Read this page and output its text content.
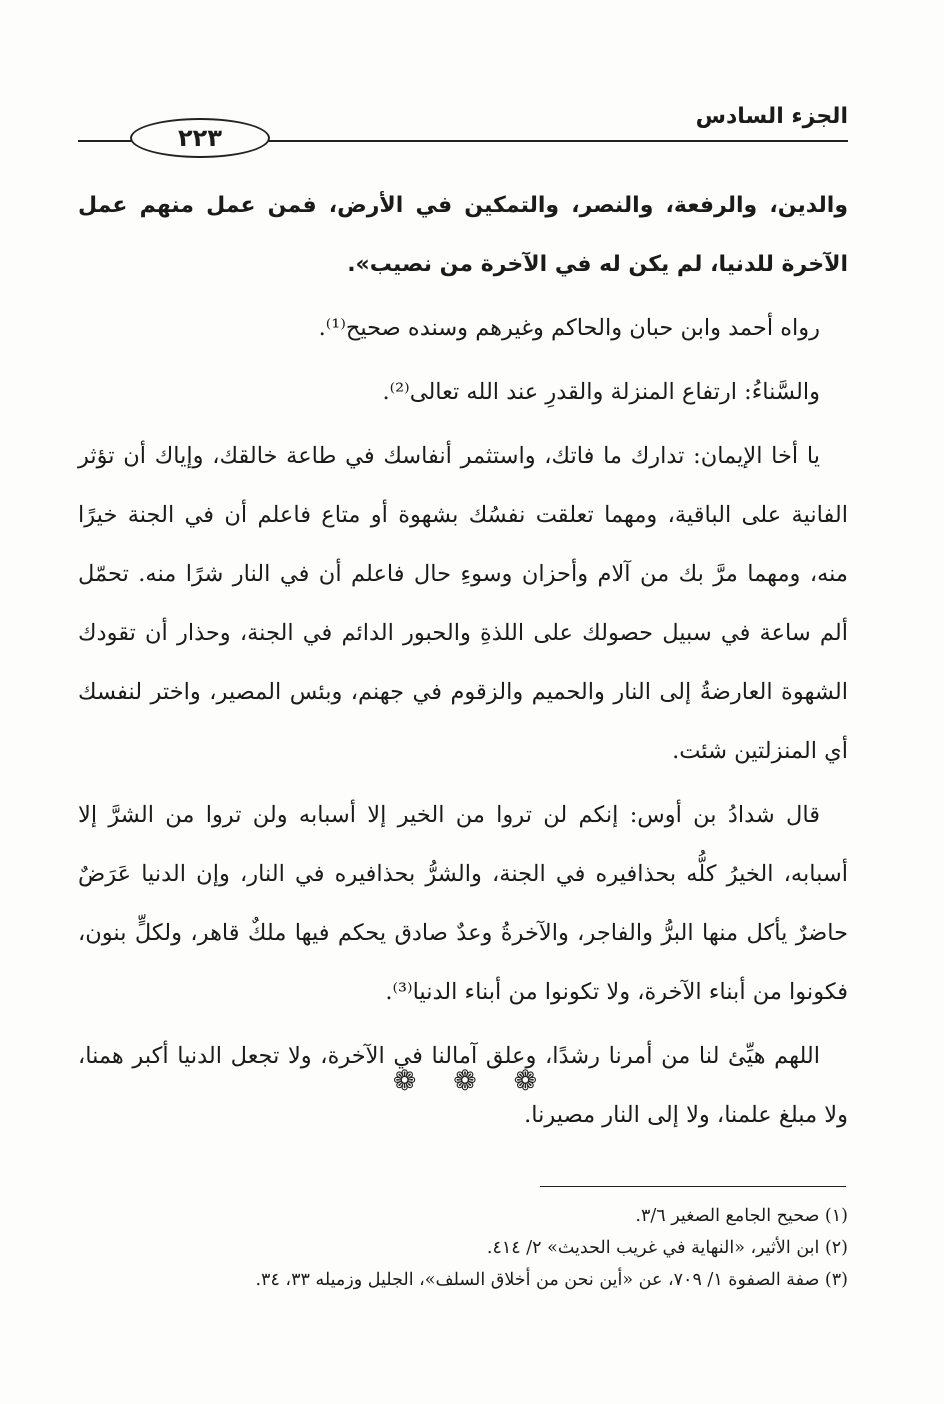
الجزء السادس
٢٢٣

والدين، والرفعة، والنصر، والتمكين في الأرض، فمن عمل منهم عمل الآخرة للدنيا، لم يكن له في الآخرة من نصيب».

رواه أحمد وابن حبان والحاكم وغيرهم وسنده صحيح⁽¹⁾.

والسَّناءُ: ارتفاع المنزلة والقدرِ عند الله تعالى⁽²⁾.

يا أخا الإيمان: تدارك ما فاتك، واستثمر أنفاسك في طاعة خالقك، وإياك أن تؤثر الفانية على الباقية، ومهما تعلقت نفسُك بشهوة أو متاع فاعلم أن في الجنة خيرًا منه، ومهما مرَّ بك من آلام وأحزان وسوءِ حال فاعلم أن في النار شرًا منه. تحمّل ألم ساعة في سبيل حصولك على اللذةِ والحبور الدائم في الجنة، وحذار أن تقودك الشهوة العارضةُ إلى النار والحميم والزقوم في جهنم، وبئس المصير، واختر لنفسك أي المنزلتين شئت.

قال شدادُ بن أوس: إنكم لن تروا من الخير إلا أسبابه ولن تروا من الشرَّ إلا أسبابه، الخيرُ كلُّه بحذافيره في الجنة، والشرُّ بحذافيره في النار، وإن الدنيا عَرَضٌ حاضرٌ يأكل منها البرُّ والفاجر، والآخرةُ وعدٌ صادق يحكم فيها ملكٌ قاهر، ولكلٍّ بنون، فكونوا من أبناء الآخرة، ولا تكونوا من أبناء الدنيا⁽³⁾.

اللهم هيِّئ لنا من أمرنا رشدًا، وعلق آمالنا في الآخرة، ولا تجعل الدنيا أكبر همنا، ولا مبلغ علمنا، ولا إلى النار مصيرنا.

❁ ❁ ❁
(١) صحيح الجامع الصغير ٣/٦.
(٢) ابن الأثير، «النهاية في غريب الحديث» ٢/ ٤١٤.
(٣) صفة الصفوة ١/ ٧٠٩، عن «أين نحن من أخلاق السلف»، الجليل وزميله ٣٣، ٣٤.
